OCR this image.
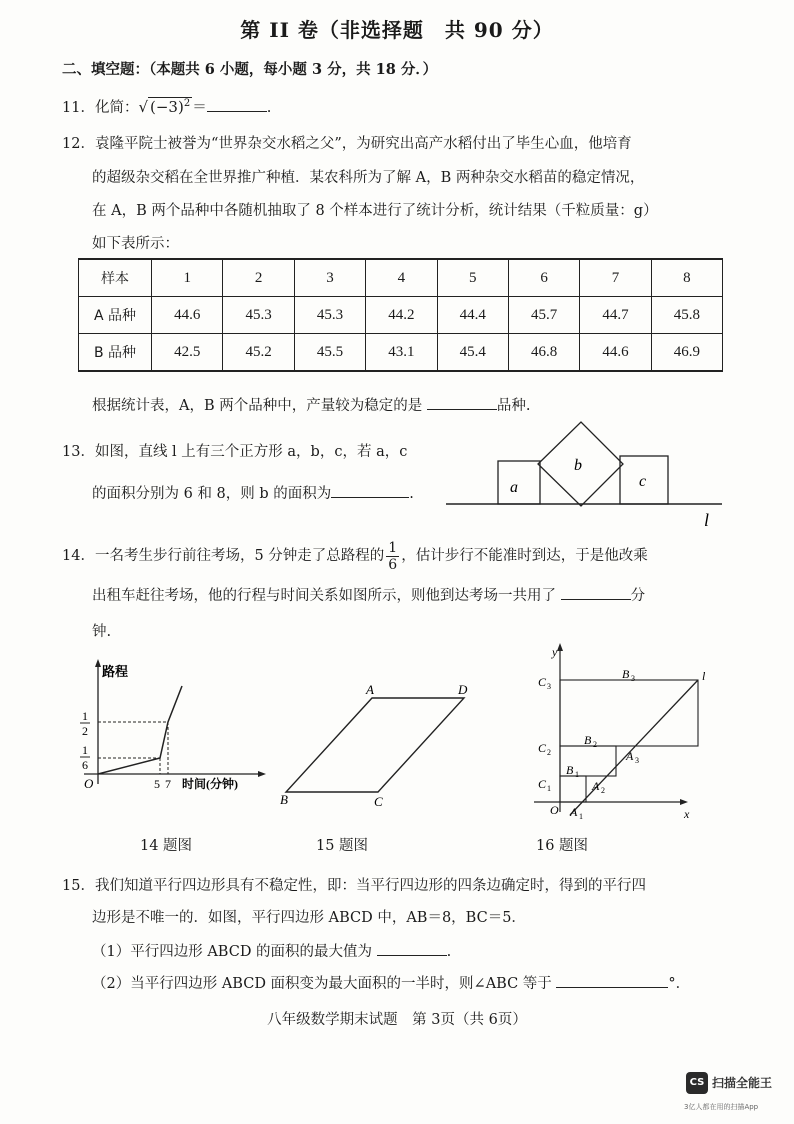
第 II 卷（非选择题　共 90 分）
二、填空题：（本题共 6 小题，每小题 3 分，共 18 分．）
11．化简：√ $(-3)^2$ ＝	.
12．袁隆平院士被誉为“世界杂交水稻之父”，为研究出高产水稻付出了毕生心血，他培育
的超级杂交稻在全世界推广种植．某农科所为了解 A，B 两种杂交水稻苗的稳定情况，
在 A，B 两个品种中各随机抽取了 8 个样本进行了统计分析，统计结果（千粒质量：g）
如下表所示：
样本	1	2	3	4	5	6	7	8
A 品种	44.6	45.3	45.3	44.2	44.4	45.7	44.7	45.8
B 品种	42.5	45.2	45.5	43.1	45.4	46.8	44.6	46.9
根据统计表，A，B 两个品种中，产量较为稳定的是	品种.
13．如图，直线 l 上有三个正方形 a，b，c，若 a，c
的面积分别为 6 和 8，则 b 的面积为	.	a
b
c
l
14．一名考生步行前往考场，5 分钟走了总路程的 $\frac{1}{6}$ ，估计步行不能准时到达，于是他改乘
出租车赶往考场，他的行程与时间关系如图所示，则他到达考场一共用了	分
钟.
路程
1
2
1
6
O	5 7 时间(分钟)
A	D
B	C
y
x
O
l
C 1
C 2
C 3
B 1
B 2
B 3
A 1
A 2
A 3
14 题图	15 题图	16 题图
15．我们知道平行四边形具有不稳定性，即：当平行四边形的四条边确定时，得到的平行四
边形是不唯一的．如图，平行四边形 ABCD 中，AB＝8，BC＝5．
（1）平行四边形 ABCD 的面积的最大值为	.
（2）当平行四边形 ABCD 面积变为最大面积的一半时，则∠ABC 等于	°．
八年级数学期末试题　第 3页（共 6页）
CS 扫描全能王
3亿人都在用的扫描App
